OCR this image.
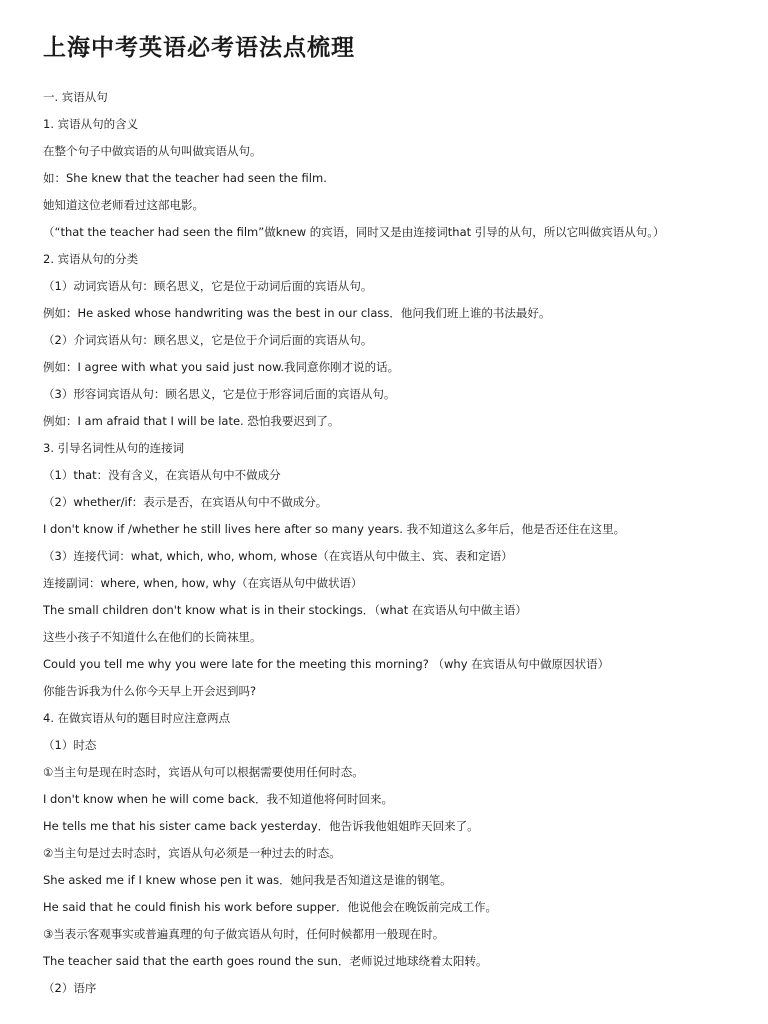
上海中考英语必考语法点梳理

一. 宾语从句

1. 宾语从句的含义

在整个句子中做宾语的从句叫做宾语从句。

如：She knew that the teacher had seen the film.

她知道这位老师看过这部电影。

（“that the teacher had seen the film”做knew 的宾语，同时又是由连接词that 引导的从句，所以它叫做宾语从句。）

2. 宾语从句的分类

（1）动词宾语从句：顾名思义，它是位于动词后面的宾语从句。

例如：He asked whose handwriting was the best in our class．他问我们班上谁的书法最好。

（2）介词宾语从句：顾名思义，它是位于介词后面的宾语从句。

例如：I agree with what you said just now.我同意你刚才说的话。

（3）形容词宾语从句：顾名思义，它是位于形容词后面的宾语从句。

例如：I am afraid that I will be late. 恐怕我要迟到了。

3. 引导名词性从句的连接词

（1）that：没有含义，在宾语从句中不做成分

（2）whether/if：表示是否，在宾语从句中不做成分。

I don't know if /whether he still lives here after so many years. 我不知道这么多年后，他是否还住在这里。

（3）连接代词：what, which, who, whom, whose（在宾语从句中做主、宾、表和定语）

连接副词：where, when, how, why（在宾语从句中做状语）

The small children don't know what is in their stockings．（what 在宾语从句中做主语）

这些小孩子不知道什么在他们的长筒袜里。

Could you tell me why you were late for the meeting this morning? （why 在宾语从句中做原因状语）

你能告诉我为什么你今天早上开会迟到吗?

4. 在做宾语从句的题目时应注意两点

（1）时态

①当主句是现在时态时，宾语从句可以根据需要使用任何时态。

I don't know when he will come back．我不知道他将何时回来。

He tells me that his sister came back yesterday．他告诉我他姐姐昨天回来了。

②当主句是过去时态时，宾语从句必须是一种过去的时态。

She asked me if I knew whose pen it was．她问我是否知道这是谁的钢笔。

He said that he could finish his work before supper．他说他会在晚饭前完成工作。

③当表示客观事实或普遍真理的句子做宾语从句时，任何时候都用一般现在时。

The teacher said that the earth goes round the sun．老师说过地球绕着太阳转。

（2）语序
